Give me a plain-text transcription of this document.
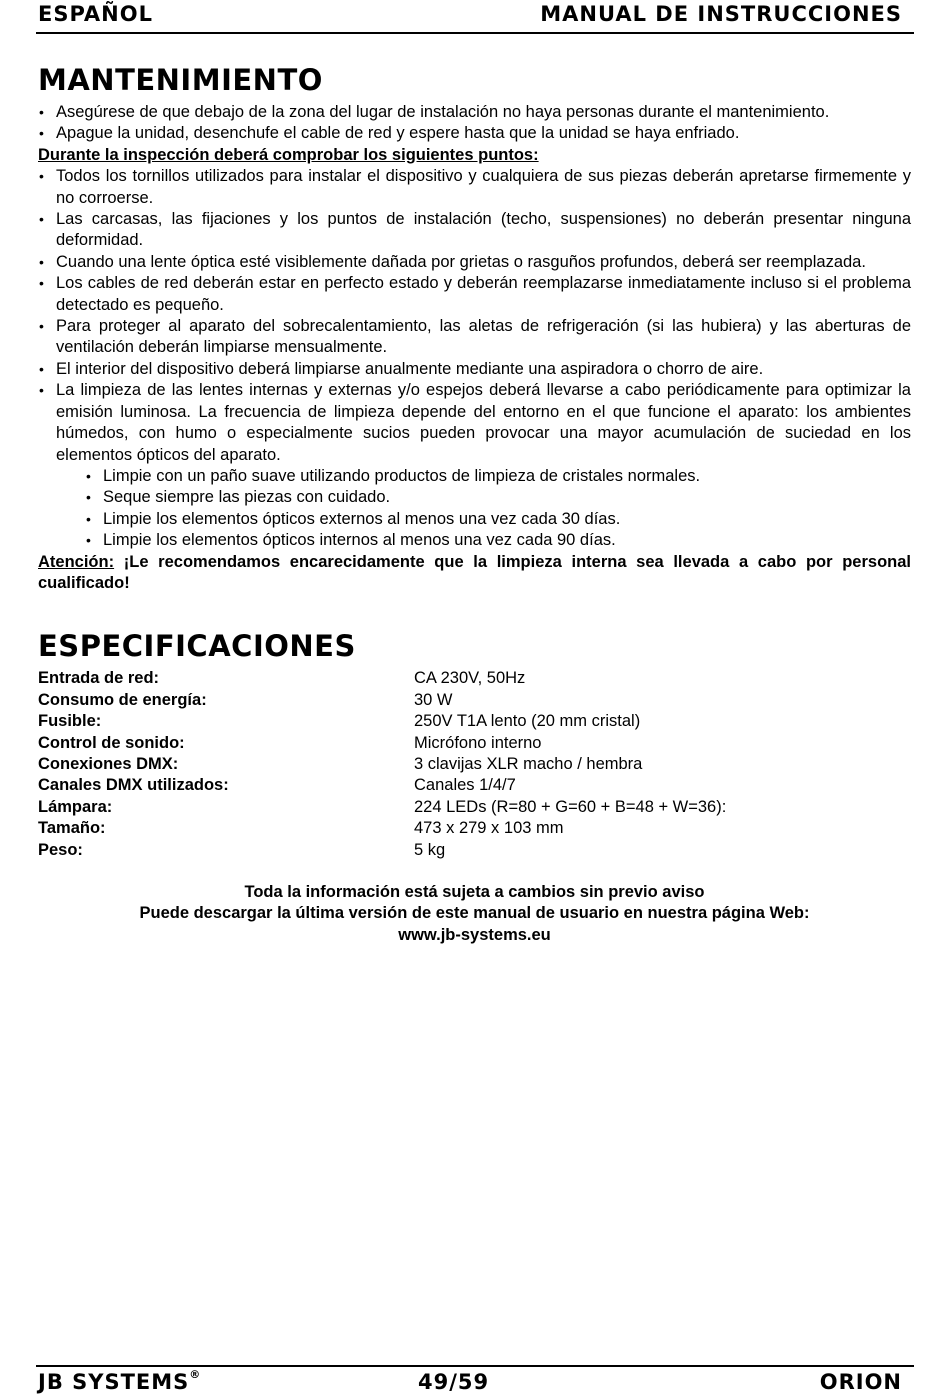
ESPAÑOL	MANUAL DE INSTRUCCIONES
MANTENIMIENTO
• Asegúrese de que debajo de la zona del lugar de instalación no haya personas durante el mantenimiento.
• Apague la unidad, desenchufe el cable de red y espere hasta que la unidad se haya enfriado.
Durante la inspección deberá comprobar los siguientes puntos:
• Todos los tornillos utilizados para instalar el dispositivo y cualquiera de sus piezas deberán apretarse firmemente y no corroerse.
• Las carcasas, las fijaciones y los puntos de instalación (techo, suspensiones) no deberán presentar ninguna deformidad.
• Cuando una lente óptica esté visiblemente dañada por grietas o rasguños profundos, deberá ser reemplazada.
• Los cables de red deberán estar en perfecto estado y deberán reemplazarse inmediatamente incluso si el problema detectado es pequeño.
• Para proteger al aparato del sobrecalentamiento, las aletas de refrigeración (si las hubiera) y las aberturas de ventilación deberán limpiarse mensualmente.
• El interior del dispositivo deberá limpiarse anualmente mediante una aspiradora o chorro de aire.
• La limpieza de las lentes internas y externas y/o espejos deberá llevarse a cabo periódicamente para optimizar la emisión luminosa. La frecuencia de limpieza depende del entorno en el que funcione el aparato: los ambientes húmedos, con humo o especialmente sucios pueden provocar una mayor acumulación de suciedad en los elementos ópticos del aparato.
• Limpie con un paño suave utilizando productos de limpieza de cristales normales.
• Seque siempre las piezas con cuidado.
• Limpie los elementos ópticos externos al menos una vez cada 30 días.
• Limpie los elementos ópticos internos al menos una vez cada 90 días.
Atención: ¡Le recomendamos encarecidamente que la limpieza interna sea llevada a cabo por personal cualificado!
ESPECIFICACIONES
Entrada de red:	CA 230V, 50Hz
Consumo de energía:	30 W
Fusible:	250V T1A lento (20 mm cristal)
Control de sonido:	Micrófono interno
Conexiones DMX:	3 clavijas XLR macho / hembra
Canales DMX utilizados:	Canales 1/4/7
Lámpara:	224 LEDs (R=80 + G=60 + B=48 + W=36):
Tamaño:	473 x 279 x 103 mm
Peso:	5 kg
Toda la información está sujeta a cambios sin previo aviso
Puede descargar la última versión de este manual de usuario en nuestra página Web:
www.jb-systems.eu
JB SYSTEMS®	49/59	ORION
